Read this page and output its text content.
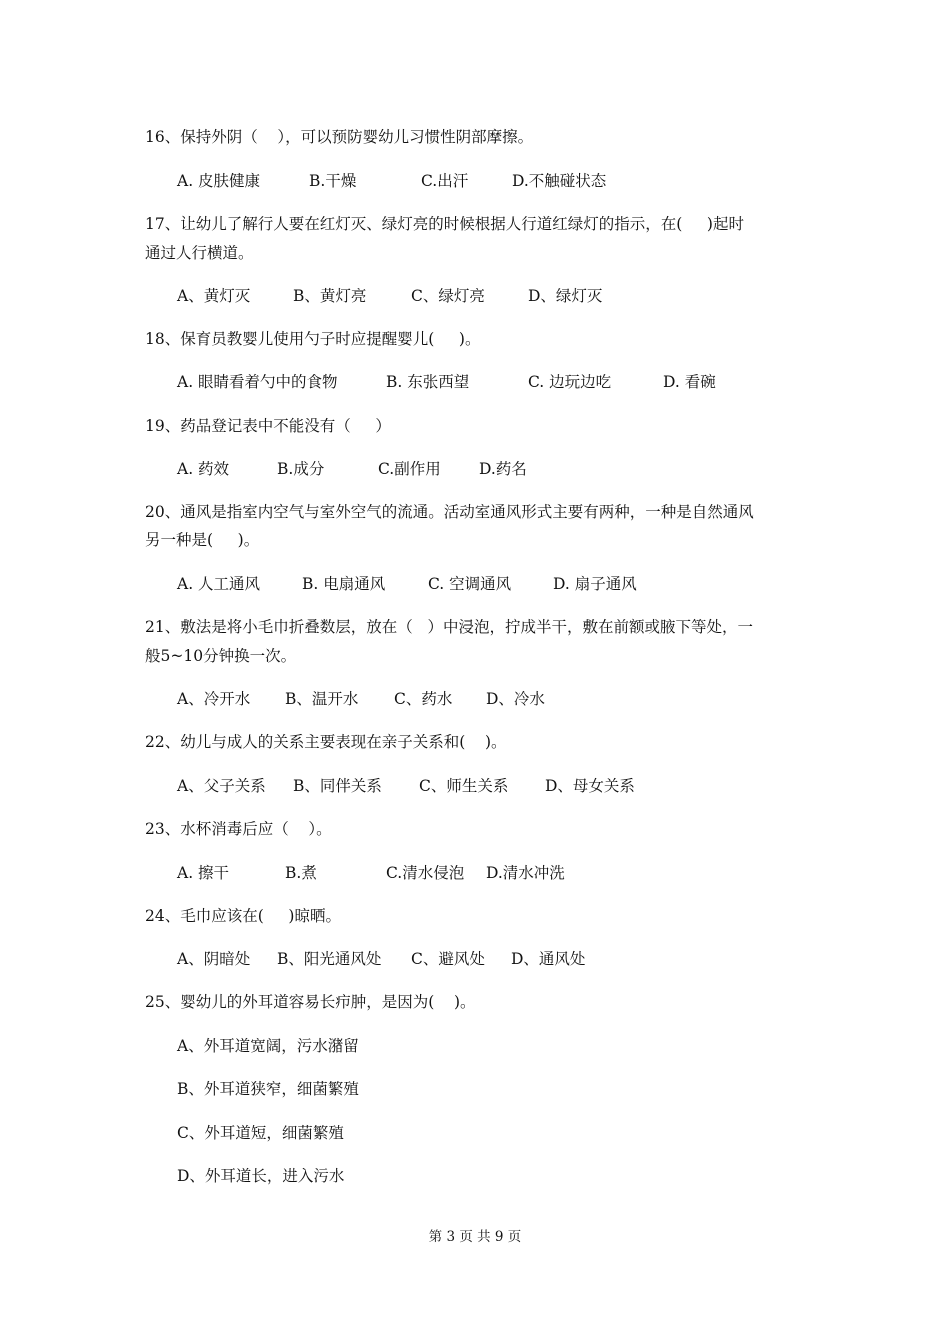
16、保持外阴（    ），可以预防婴幼儿习惯性阴部摩擦。

A. 皮肤健康

	B.干燥

	C.出汗

	D.不触碰状态

17、让幼儿了解行人要在红灯灭、绿灯亮的时候根据人行道红绿灯的指示，在(     )起时
通过人行横道。

A、黄灯灭

	B、黄灯亮

	C、绿灯亮

	D、绿灯灭

18、保育员教婴儿使用勺子时应提醒婴儿(     )。

A. 眼睛看着勺中的食物

	B. 东张西望

	C. 边玩边吃

	D. 看碗

19、药品登记表中不能没有（     ）

A. 药效

	B.成分

	C.副作用

D.药名

20、通风是指室内空气与室外空气的流通。活动室通风形式主要有两种，一种是自然通风
另一种是(     )。

A. 人工通风

	B. 电扇通风

	C. 空调通风

	D. 扇子通风

21、敷法是将小毛巾折叠数层，放在（   ）中浸泡，拧成半干，敷在前额或腋下等处，一
般5~10分钟换一次。

A、冷开水

B、温开水

C、药水

D、冷水

22、幼儿与成人的关系主要表现在亲子关系和(    )。

A、父子关系

B、同伴关系

C、师生关系

D、母女关系

23、水杯消毒后应（    ）。

A. 擦干

	B.煮

	C.清水侵泡

D.清水冲洗

24、毛巾应该在(     )晾晒。

A、阴暗处

B、阳光通风处

C、避风处

D、通风处

25、婴幼儿的外耳道容易长疖肿，是因为(    )。
A、外耳道宽阔，污水潴留
B、外耳道狭窄，细菌繁殖
C、外耳道短，细菌繁殖
D、外耳道长，进入污水
第 3 页 共 9 页
